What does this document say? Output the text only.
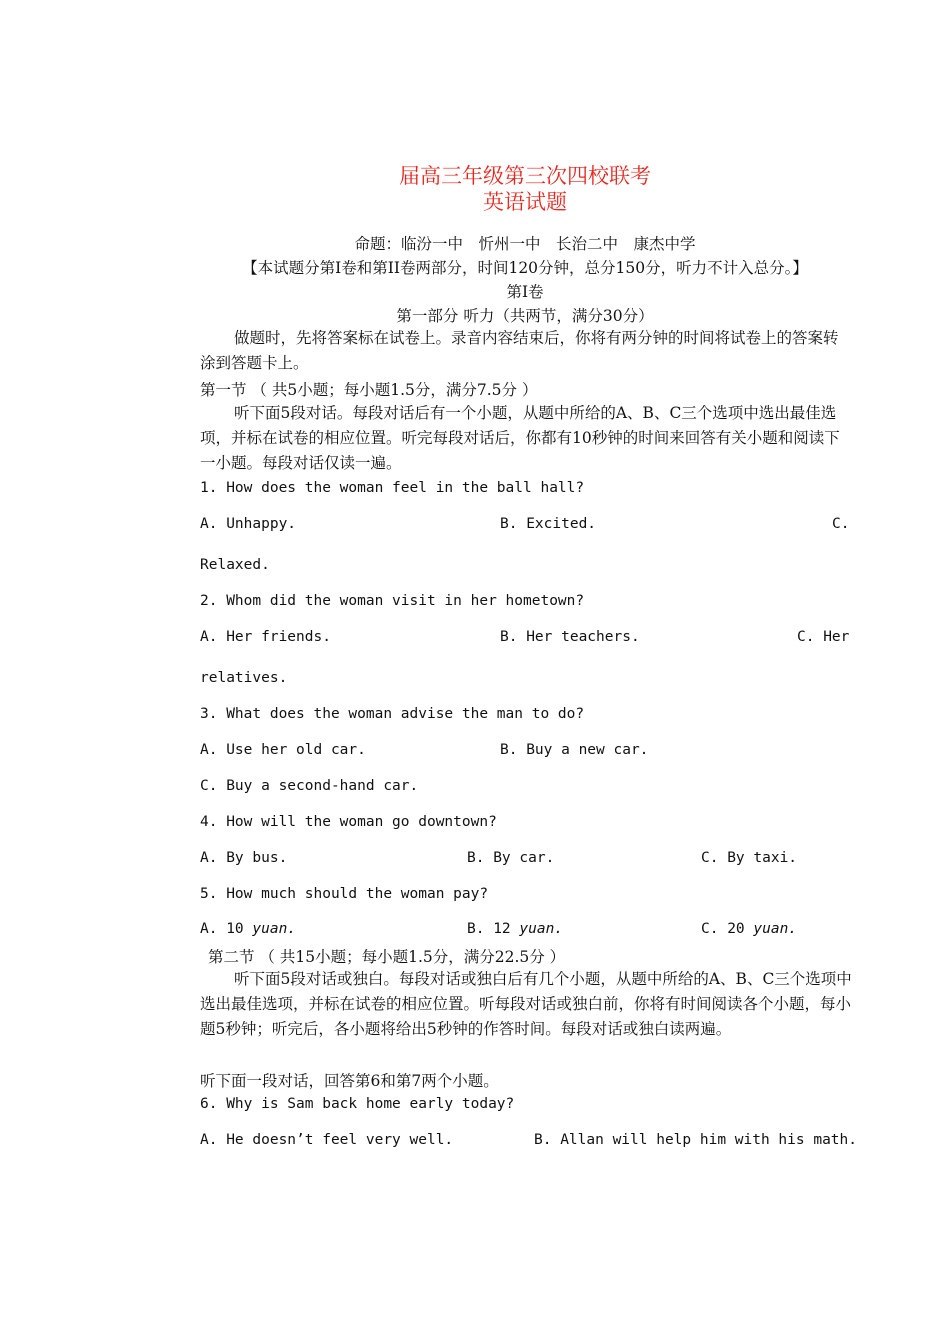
届高三年级第三次四校联考
英语试题
命题：临汾一中　忻州一中　长治二中　康杰中学
【本试题分第Ⅰ卷和第II卷两部分，时间120分钟，总分150分，听力不计入总分。】
第Ⅰ卷
第一部分 听力（共两节，满分30分）
做题时，先将答案标在试卷上。录音内容结束后，你将有两分钟的时间将试卷上的答案转涂到答题卡上。
第一节 （ 共5小题；每小题1.5分，满分7.5分 ）
听下面5段对话。每段对话后有一个小题，从题中所给的A、B、C三个选项中选出最佳选项，并标在试卷的相应位置。听完每段对话后，你都有10秒钟的时间来回答有关小题和阅读下一小题。每段对话仅读一遍。
1. How does the woman feel in the ball hall?
A. Unhappy.	B. Excited.	C.
Relaxed.
2. Whom did the woman visit in her hometown?
A. Her friends.	B. Her teachers.	C. Her
relatives.
3. What does the woman advise the man to do?
A. Use her old car.	B. Buy a new car.
C. Buy a second-hand car.
4. How will the woman go downtown?
A. By bus.	B. By car.	C. By taxi.
5. How much should the woman pay?
A. 10 yuan.	B. 12 yuan.	C. 20 yuan.
第二节 （ 共15小题；每小题1.5分，满分22.5分 ）
听下面5段对话或独白。每段对话或独白后有几个小题，从题中所给的A、B、C三个选项中选出最佳选项，并标在试卷的相应位置。听每段对话或独白前，你将有时间阅读各个小题，每小题5秒钟；听完后，各小题将给出5秒钟的作答时间。每段对话或独白读两遍。
听下面一段对话，回答第6和第7两个小题。
6. Why is Sam back home early today?
A. He doesn’t feel very well.	B. Allan will help him with his math.
